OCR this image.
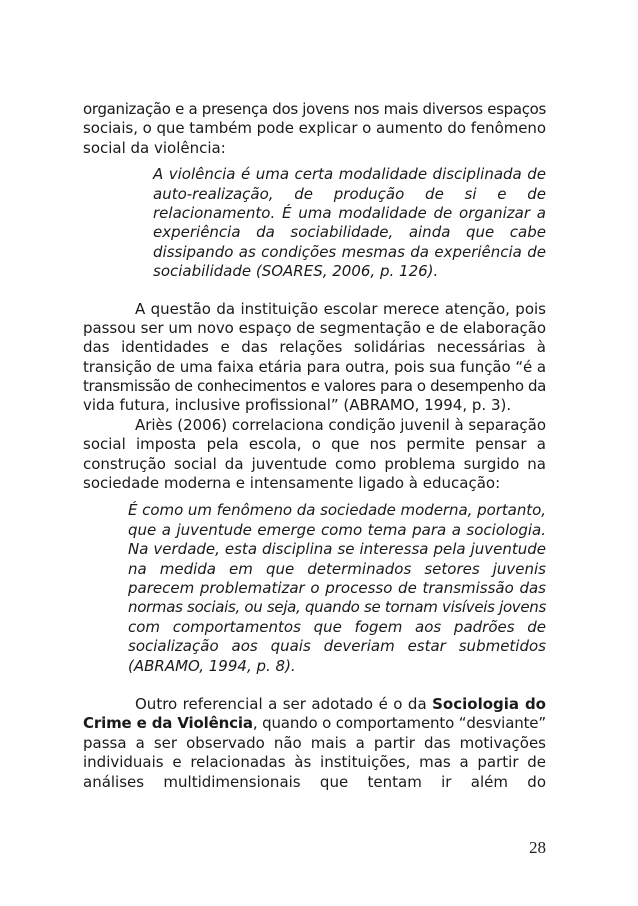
organização e a presença dos jovens nos mais diversos espaços
sociais, o que também pode explicar o aumento do fenômeno
social da violência:
A violência é uma certa modalidade disciplinada de
auto-realização, de produção de si e de
relacionamento. É uma modalidade de organizar a
experiência da sociabilidade, ainda que cabe
dissipando as condições mesmas da experiência de
sociabilidade (SOARES, 2006, p. 126).
A questão da instituição escolar merece atenção, pois
passou ser um novo espaço de segmentação e de elaboração
das identidades e das relações solidárias necessárias à
transição de uma faixa etária para outra, pois sua função “é a
transmissão de conhecimentos e valores para o desempenho da
vida futura, inclusive profissional” (ABRAMO, 1994, p. 3).
Ariès (2006) correlaciona condição juvenil à separação
social imposta pela escola, o que nos permite pensar a
construção social da juventude como problema surgido na
sociedade moderna e intensamente ligado à educação:
É como um fenômeno da sociedade moderna, portanto,
que a juventude emerge como tema para a sociologia.
Na verdade, esta disciplina se interessa pela juventude
na medida em que determinados setores juvenis
parecem problematizar o processo de transmissão das
normas sociais, ou seja, quando se tornam visíveis jovens
com comportamentos que fogem aos padrões de
socialização aos quais deveriam estar submetidos
(ABRAMO, 1994, p. 8).
Outro referencial a ser adotado é o da Sociologia do
Crime e da Violência, quando o comportamento “desviante”
passa a ser observado não mais a partir das motivações
individuais e relacionadas às instituições, mas a partir de
análises multidimensionais que tentam ir além do
28
